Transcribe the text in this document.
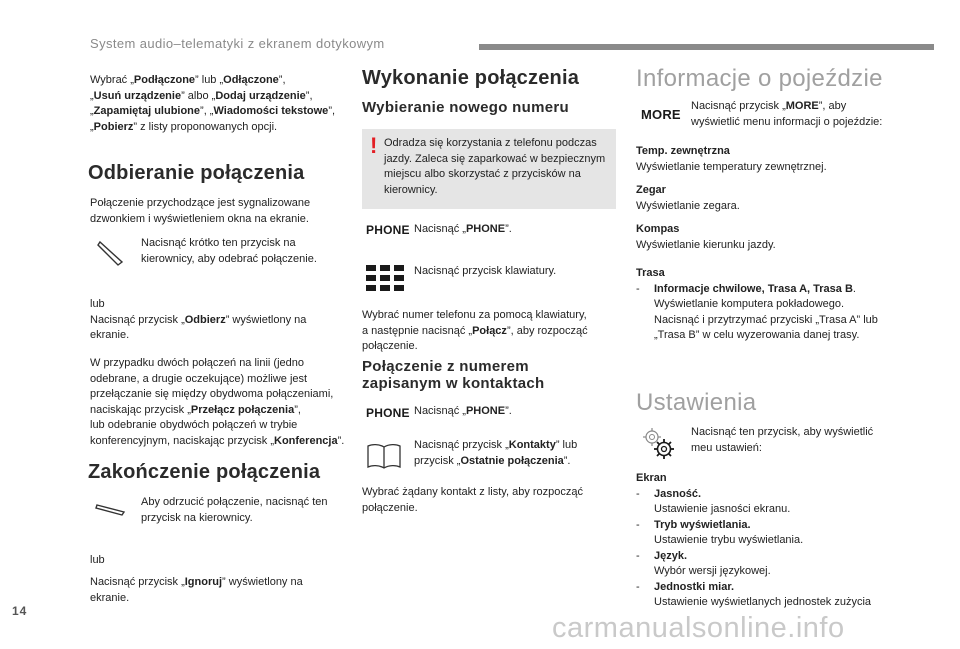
System audio–telematyki z ekranem dotykowym
Wybrać „Podłączone” lub „Odłączone”,
„Usuń urządzenie” albo „Dodaj urządzenie”,
„Zapamiętaj ulubione”, „Wiadomości tekstowe”,
„Pobierz” z listy proponowanych opcji.
Odbieranie połączenia
Połączenie przychodzące jest sygnalizowane
dzwonkiem i wyświetleniem okna na ekranie.
Nacisnąć krótko ten przycisk na
kierownicy, aby odebrać połączenie.
lub
Nacisnąć przycisk „Odbierz” wyświetlony na
ekranie.
W przypadku dwóch połączeń na linii (jedno
odebrane, a drugie oczekujące) możliwe jest
przełączanie się między obydwoma połączeniami,
naciskając przycisk „Przełącz połączenia”,
lub odebranie obydwóch połączeń w trybie
konferencyjnym, naciskając przycisk „Konferencja”.
Zakończenie połączenia
Aby odrzucić połączenie, nacisnąć ten
przycisk na kierownicy.
lub
Nacisnąć przycisk „Ignoruj” wyświetlony na
ekranie.
Wykonanie połączenia
Wybieranie nowego numeru
! Odradza się korzystania z telefonu podczas
jazdy. Zaleca się zaparkować w bezpiecznym
miejscu albo skorzystać z przycisków na
kierownicy.
PHONE Nacisnąć „PHONE”.
Nacisnąć przycisk klawiatury.
Wybrać numer telefonu za pomocą klawiatury,
a następnie nacisnąć „Połącz”, aby rozpocząć
połączenie.
Połączenie z numerem
zapisanym w kontaktach
PHONE Nacisnąć „PHONE”.
Nacisnąć przycisk „Kontakty” lub
przycisk „Ostatnie połączenia”.
Wybrać żądany kontakt z listy, aby rozpocząć
połączenie.
Informacje o pojeździe
MORE
Nacisnąć przycisk „MORE”, aby
wyświetlić menu informacji o pojeździe:
Temp. zewnętrzna
Wyświetlanie temperatury zewnętrznej.
Zegar
Wyświetlanie zegara.
Kompas
Wyświetlanie kierunku jazdy.
Trasa
- Informacje chwilowe, Trasa A, Trasa B.
Wyświetlanie komputera pokładowego.
Nacisnąć i przytrzymać przyciski „Trasa A” lub
„Trasa B” w celu wyzerowania danej trasy.
Ustawienia
Nacisnąć ten przycisk, aby wyświetlić
meu ustawień:
Ekran
- Jasność.
Ustawienie jasności ekranu.
- Tryb wyświetlania.
Ustawienie trybu wyświetlania.
- Język.
Wybór wersji językowej.
- Jednostki miar.
Ustawienie wyświetlanych jednostek zużycia
14
carmanualsonline.info
